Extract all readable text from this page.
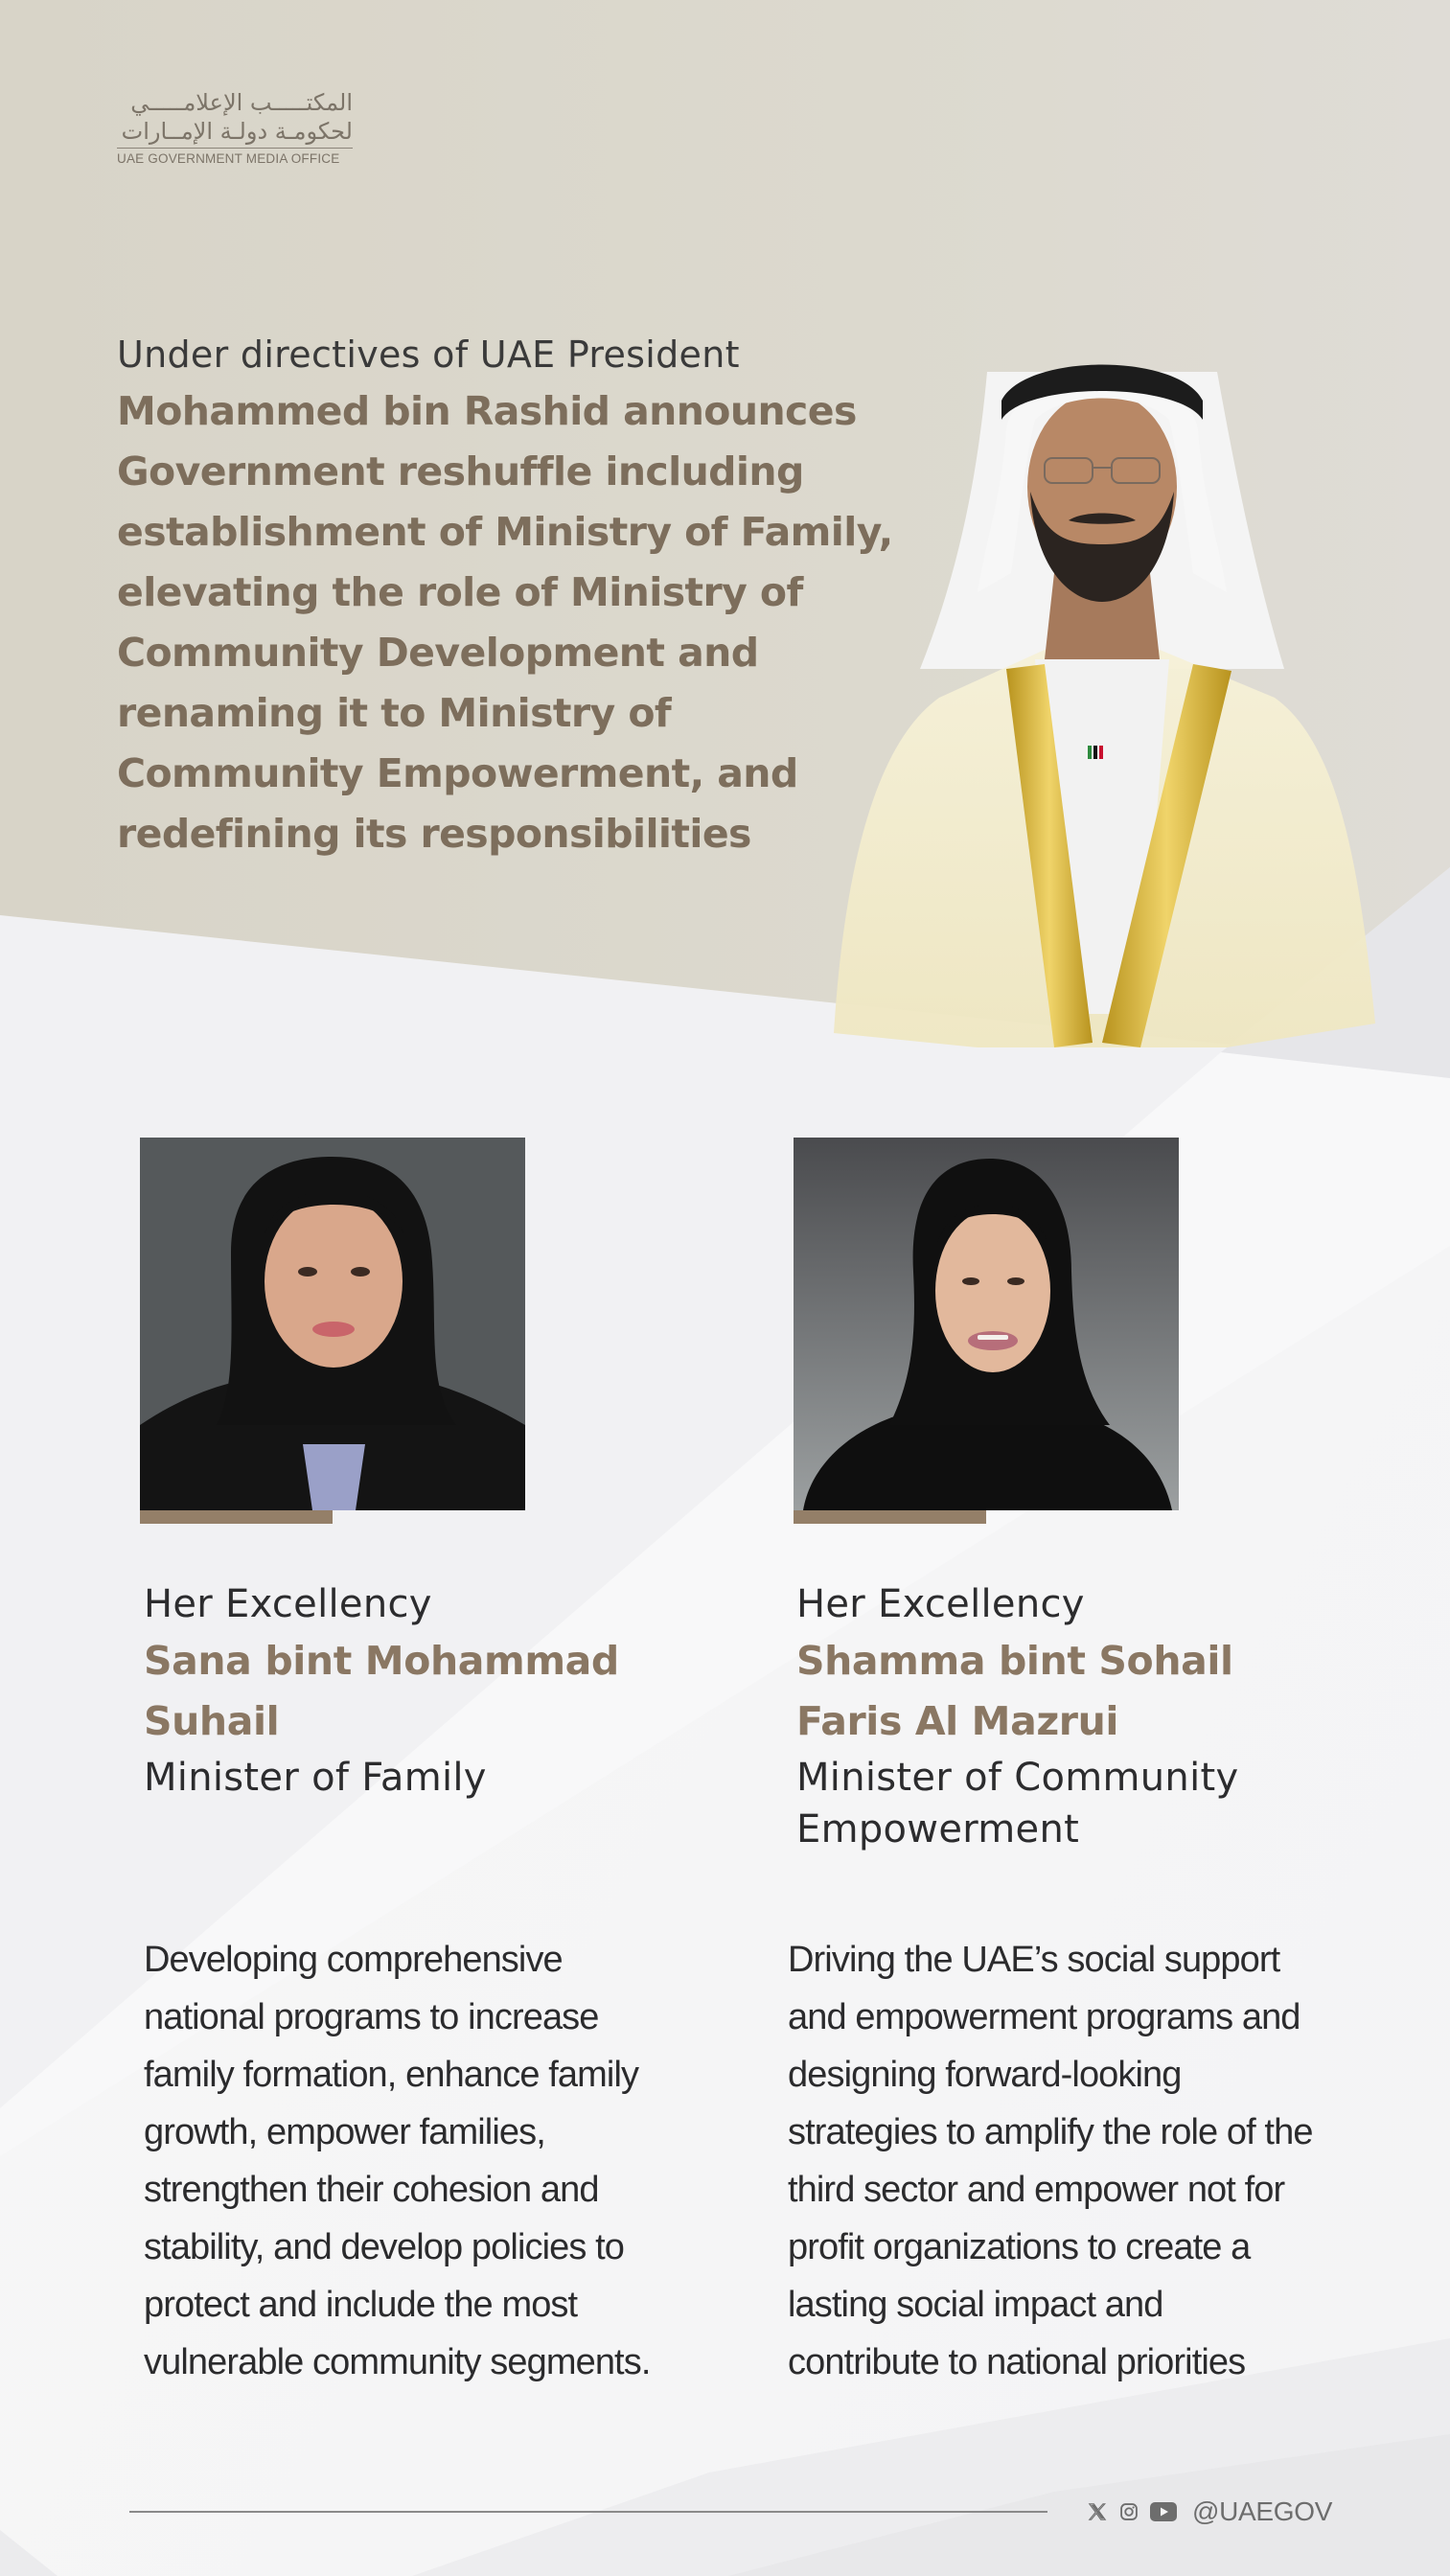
المكتـــــب الإعلامـــــي
لحكومـة دولـة الإمــارات
UAE GOVERNMENT MEDIA OFFICE
Under directives of UAE President
Mohammed bin Rashid announces
Government reshuffle including
establishment of Ministry of Family,
elevating the role of Ministry of
Community Development and
renaming it to Ministry of
Community Empowerment, and
redefining its responsibilities
Her Excellency
Sana bint Mohammad
Suhail
Minister of Family
Developing comprehensive
national programs to increase
family formation, enhance family
growth, empower families,
strengthen their cohesion and
stability, and develop policies to
protect and include the most
vulnerable community segments.
Her Excellency
Shamma bint Sohail
Faris Al Mazrui
Minister of Community
Empowerment
Driving the UAE’s social support
and empowerment programs and
designing forward-looking
strategies to amplify the role of the
third sector and empower not for
profit organizations to create a
lasting social impact and
contribute to national priorities
@UAEGOV
